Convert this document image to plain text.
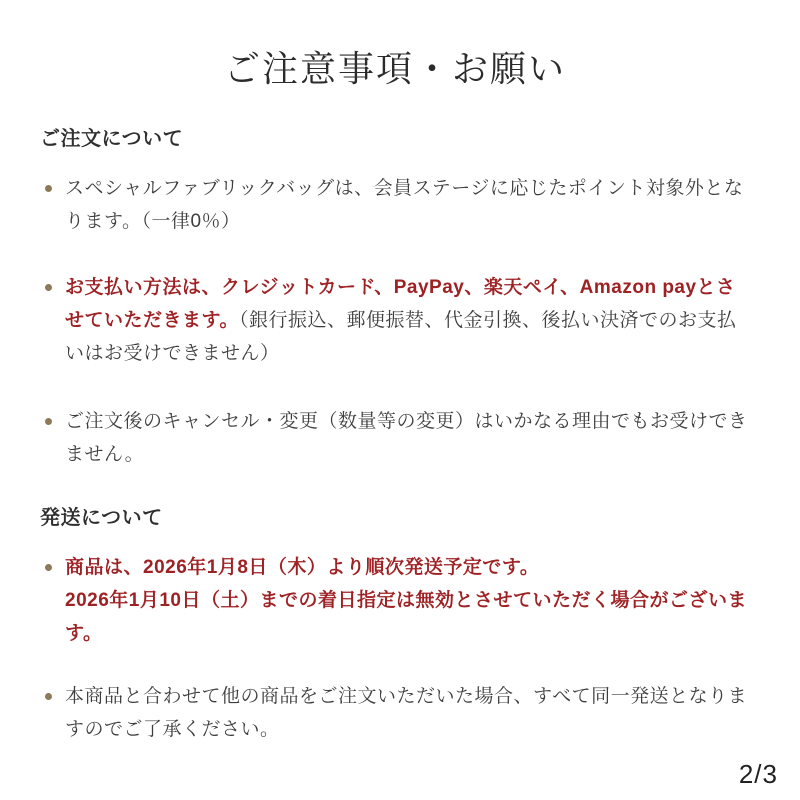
ご注意事項・お願い
ご注文について

スペシャルファブリックバッグは、会員ステージに応じたポイント対象外となります。（一律0％）

お支払い方法は、クレジットカード、PayPay、楽天ペイ、Amazon payとさせていただきます。（銀行振込、郵便振替、代金引換、後払い決済でのお支払いはお受けできません）

ご注文後のキャンセル・変更（数量等の変更）はいかなる理由でもお受けできません。

発送について

商品は、2026年1月8日（木）より順次発送予定です。
2026年1月10日（土）までの着日指定は無効とさせていただく場合がございます。

本商品と合わせて他の商品をご注文いただいた場合、すべて同一発送となりますのでご了承ください。

2/3
